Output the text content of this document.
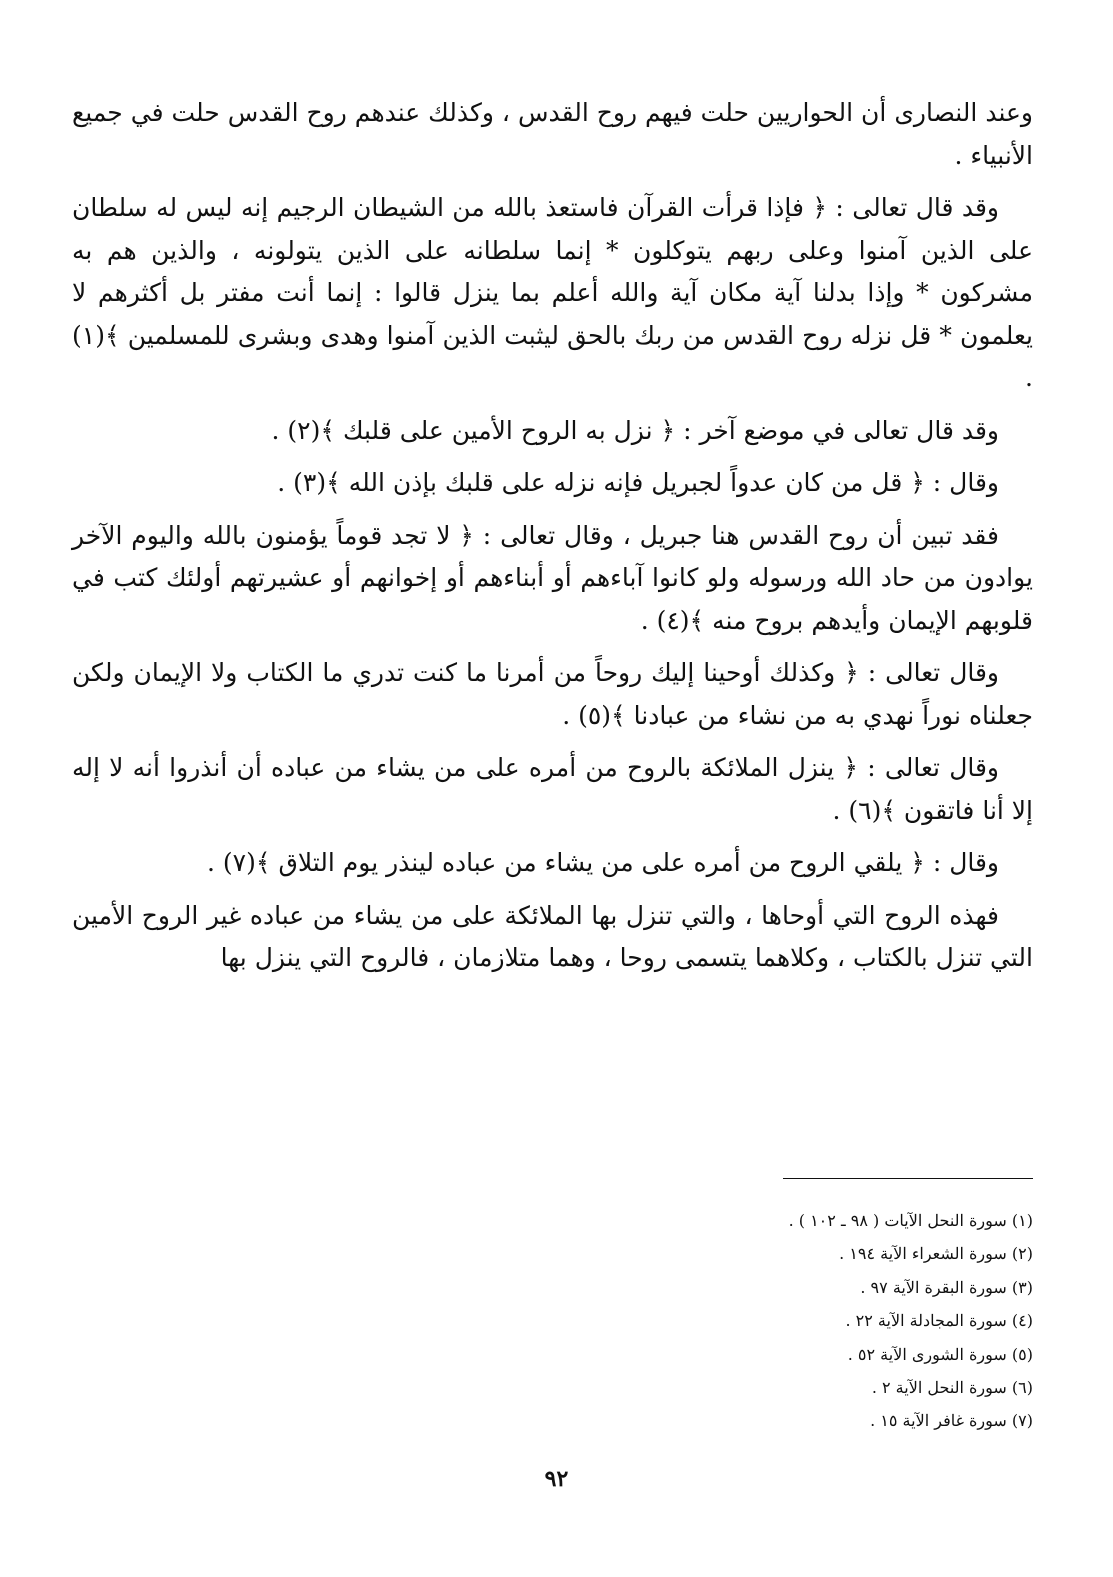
وعند النصارى أن الحواريين حلت فيهم روح القدس ، وكذلك عندهم روح القدس حلت في جميع الأنبياء .

وقد قال تعالى : ﴿ فإذا قرأت القرآن فاستعذ بالله من الشيطان الرجيم إنه ليس له سلطان على الذين آمنوا وعلى ربهم يتوكلون * إنما سلطانه على الذين يتولونه ، والذين هم به مشركون * وإذا بدلنا آية مكان آية والله أعلم بما ينزل قالوا : إنما أنت مفتر بل أكثرهم لا يعلمون * قل نزله روح القدس من ربك بالحق ليثبت الذين آمنوا وهدى وبشرى للمسلمين ﴾(١) .

وقد قال تعالى في موضع آخر : ﴿ نزل به الروح الأمين على قلبك ﴾(٢) .

وقال : ﴿ قل من كان عدواً لجبريل فإنه نزله على قلبك بإذن الله ﴾(٣) .

فقد تبين أن روح القدس هنا جبريل ، وقال تعالى : ﴿ لا تجد قوماً يؤمنون بالله واليوم الآخر يوادون من حاد الله ورسوله ولو كانوا آباءهم أو أبناءهم أو إخوانهم أو عشيرتهم أولئك كتب في قلوبهم الإيمان وأيدهم بروح منه ﴾(٤) .

وقال تعالى : ﴿ وكذلك أوحينا إليك روحاً من أمرنا ما كنت تدري ما الكتاب ولا الإيمان ولكن جعلناه نوراً نهدي به من نشاء من عبادنا ﴾(٥) .

وقال تعالى : ﴿ ينزل الملائكة بالروح من أمره على من يشاء من عباده أن أنذروا أنه لا إله إلا أنا فاتقون ﴾(٦) .

وقال : ﴿ يلقي الروح من أمره على من يشاء من عباده لينذر يوم التلاق ﴾(٧) .

فهذه الروح التي أوحاها ، والتي تنزل بها الملائكة على من يشاء من عباده غير الروح الأمين التي تنزل بالكتاب ، وكلاهما يتسمى روحا ، وهما متلازمان ، فالروح التي ينزل بها

(١) سورة النحل الآيات ( ٩٨ ـ ١٠٢ ) .
(٢) سورة الشعراء الآية ١٩٤ .
(٣) سورة البقرة الآية ٩٧ .
(٤) سورة المجادلة الآية ٢٢ .
(٥) سورة الشورى الآية ٥٢ .
(٦) سورة النحل الآية ٢ .
(٧) سورة غافر الآية ١٥ .
٩٢
